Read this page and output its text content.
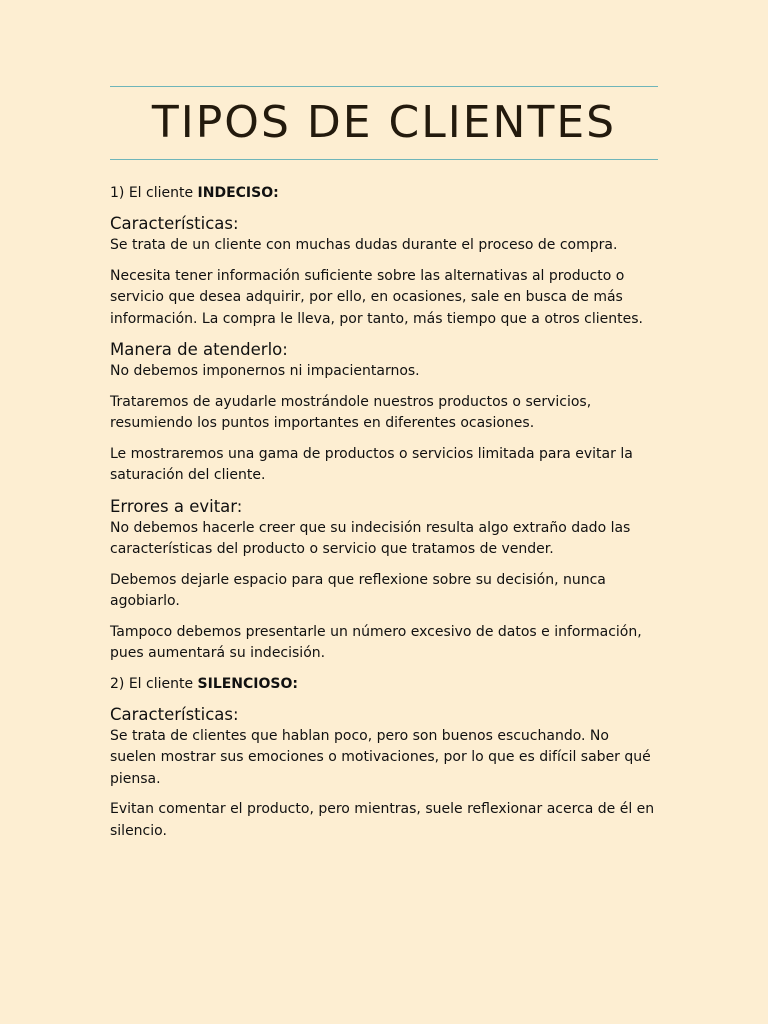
TIPOS DE CLIENTES

1) El cliente INDECISO:

Características:

Se trata de un cliente con muchas dudas durante el proceso de compra.

Necesita tener información suficiente sobre las alternativas al producto o servicio que desea adquirir, por ello, en ocasiones, sale en busca de más información. La compra le lleva, por tanto, más tiempo que a otros clientes.

Manera de atenderlo:

No debemos imponernos ni impacientarnos.

Trataremos de ayudarle mostrándole nuestros productos o servicios, resumiendo los puntos importantes en diferentes ocasiones.

Le mostraremos una gama de productos o servicios limitada para evitar la saturación del cliente.

Errores a evitar:

No debemos hacerle creer que su indecisión resulta algo extraño dado las características del producto o servicio que tratamos de vender.

Debemos dejarle espacio para que reflexione sobre su decisión, nunca agobiarlo.

Tampoco debemos presentarle un número excesivo de datos e información, pues aumentará su indecisión.

2) El cliente SILENCIOSO:

Características:

Se trata de clientes que hablan poco, pero son buenos escuchando. No suelen mostrar sus emociones o motivaciones, por lo que es difícil saber qué piensa.

Evitan comentar el producto, pero mientras, suele reflexionar acerca de él en silencio.
